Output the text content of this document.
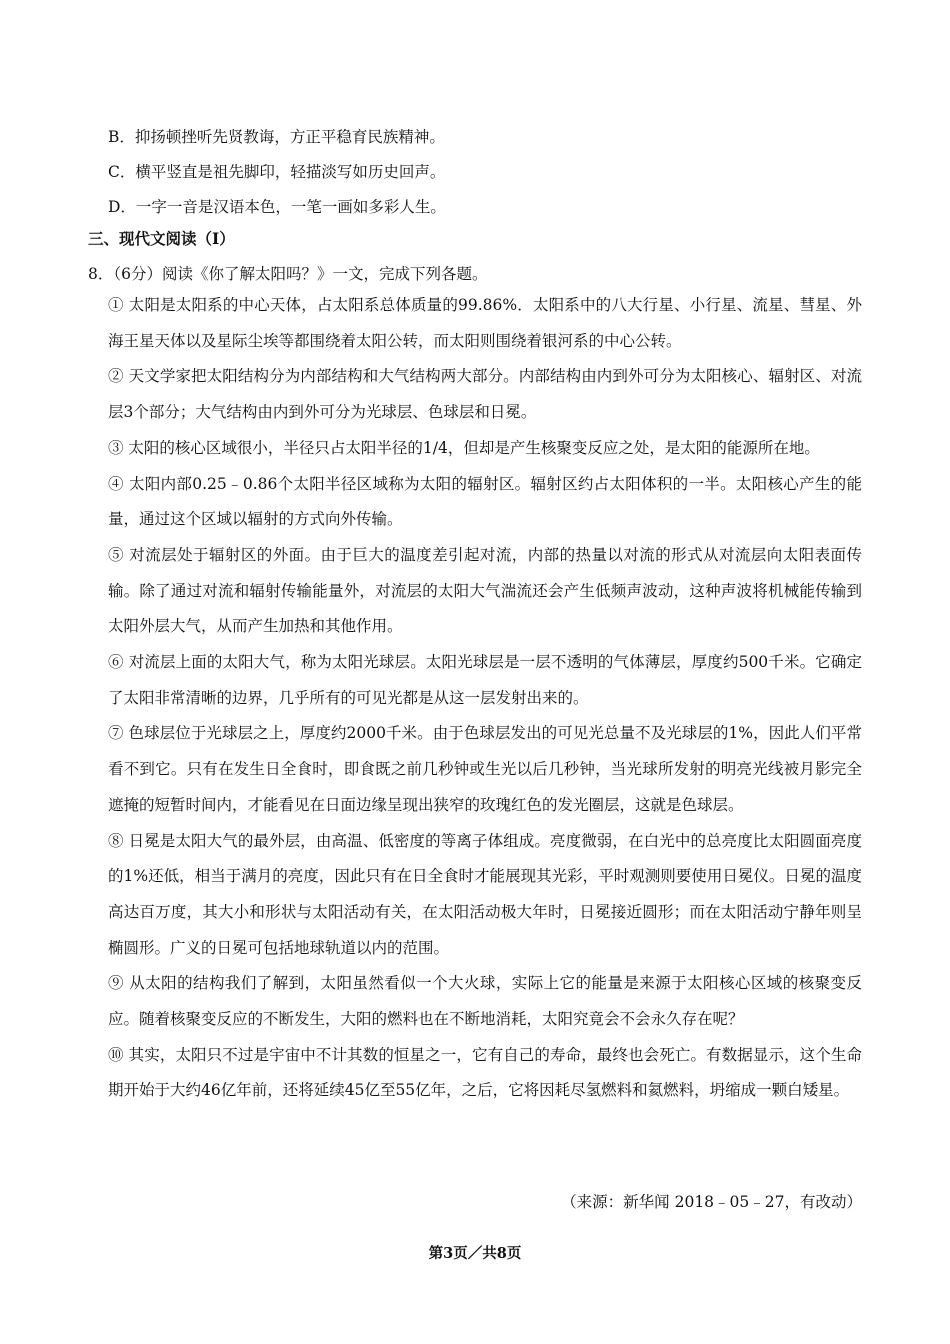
B．抑扬顿挫听先贤教诲，方正平稳育民族精神。
C．横平竖直是祖先脚印，轻描淡写如历史回声。
D．一字一音是汉语本色，一笔一画如多彩人生。
三、现代文阅读（Ⅰ）
8．（6分）阅读《你了解太阳吗？》一文，完成下列各题。

① 太阳是太阳系的中心天体，占太阳系总体质量的99.86%．太阳系中的八大行星、小行星、流星、彗星、外海王星天体以及星际尘埃等都围绕着太阳公转，而太阳则围绕着银河系的中心公转。

② 天文学家把太阳结构分为内部结构和大气结构两大部分。内部结构由内到外可分为太阳核心、辐射区、对流层3个部分；大气结构由内到外可分为光球层、色球层和日冕。

③ 太阳的核心区域很小，半径只占太阳半径的1/4，但却是产生核聚变反应之处，是太阳的能源所在地。

④ 太阳内部0.25﹣0.86个太阳半径区域称为太阳的辐射区。辐射区约占太阳体积的一半。太阳核心产生的能量，通过这个区域以辐射的方式向外传输。

⑤ 对流层处于辐射区的外面。由于巨大的温度差引起对流，内部的热量以对流的形式从对流层向太阳表面传输。除了通过对流和辐射传输能量外，对流层的太阳大气湍流还会产生低频声波动，这种声波将机械能传输到太阳外层大气，从而产生加热和其他作用。

⑥ 对流层上面的太阳大气，称为太阳光球层。太阳光球层是一层不透明的气体薄层，厚度约500千米。它确定了太阳非常清晰的边界，几乎所有的可见光都是从这一层发射出来的。

⑦ 色球层位于光球层之上，厚度约2000千米。由于色球层发出的可见光总量不及光球层的1%，因此人们平常看不到它。只有在发生日全食时，即食既之前几秒钟或生光以后几秒钟，当光球所发射的明亮光线被月影完全遮掩的短暂时间内，才能看见在日面边缘呈现出狭窄的玫瑰红色的发光圈层，这就是色球层。

⑧ 日冕是太阳大气的最外层，由高温、低密度的等离子体组成。亮度微弱，在白光中的总亮度比太阳圆面亮度的1%还低，相当于满月的亮度，因此只有在日全食时才能展现其光彩，平时观测则要使用日冕仪。日冕的温度高达百万度，其大小和形状与太阳活动有关，在太阳活动极大年时，日冕接近圆形；而在太阳活动宁静年则呈椭圆形。广义的日冕可包括地球轨道以内的范围。

⑨ 从太阳的结构我们了解到，太阳虽然看似一个大火球，实际上它的能量是来源于太阳核心区域的核聚变反应。随着核聚变反应的不断发生，大阳的燃料也在不断地消耗，太阳究竟会不会永久存在呢？

⑩ 其实，太阳只不过是宇宙中不计其数的恒星之一，它有自己的寿命，最终也会死亡。有数据显示，这个生命期开始于大约46亿年前，还将延续45亿至55亿年，之后，它将因耗尽氢燃料和氦燃料，坍缩成一颗白矮星。

（来源：新华闻 2018﹣05﹣27，有改动）
第3页／共8页
